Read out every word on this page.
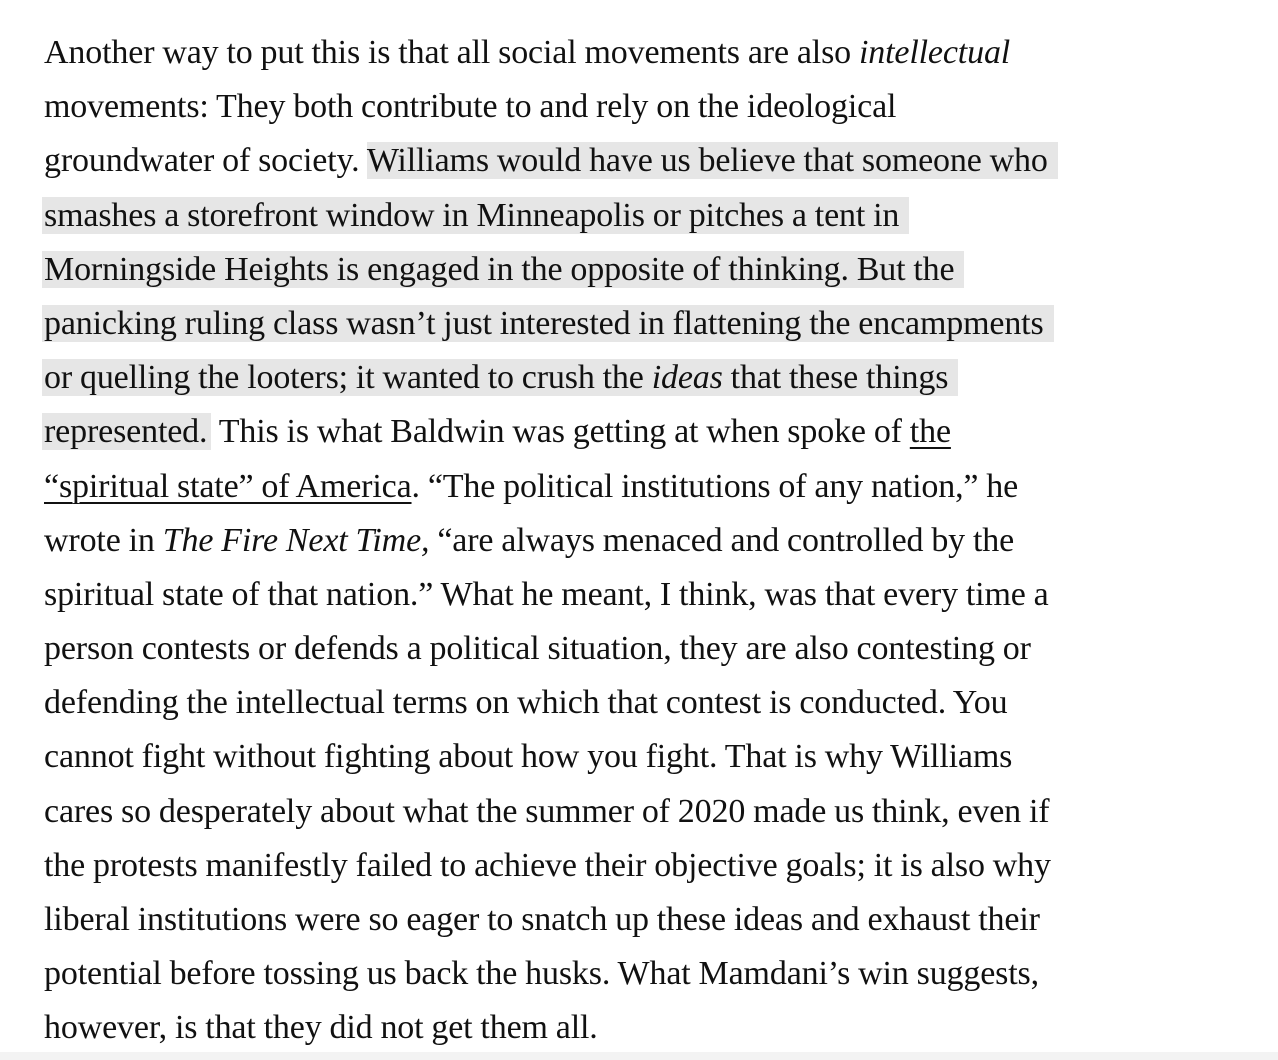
Another way to put this is that all social movements are also intellectual
movements: They both contribute to and rely on the ideological
groundwater of society. Williams would have us believe that someone who
smashes a storefront window in Minneapolis or pitches a tent in
Morningside Heights is engaged in the opposite of thinking. But the
panicking ruling class wasn’t just interested in flattening the encampments
or quelling the looters; it wanted to crush the ideas that these things
represented. This is what Baldwin was getting at when spoke of the
“spiritual state” of America. “The political institutions of any nation,” he
wrote in The Fire Next Time, “are always menaced and controlled by the
spiritual state of that nation.” What he meant, I think, was that every time a
person contests or defends a political situation, they are also contesting or
defending the intellectual terms on which that contest is conducted. You
cannot fight without fighting about how you fight. That is why Williams
cares so desperately about what the summer of 2020 made us think, even if
the protests manifestly failed to achieve their objective goals; it is also why
liberal institutions were so eager to snatch up these ideas and exhaust their
potential before tossing us back the husks. What Mamdani’s win suggests,
however, is that they did not get them all.
